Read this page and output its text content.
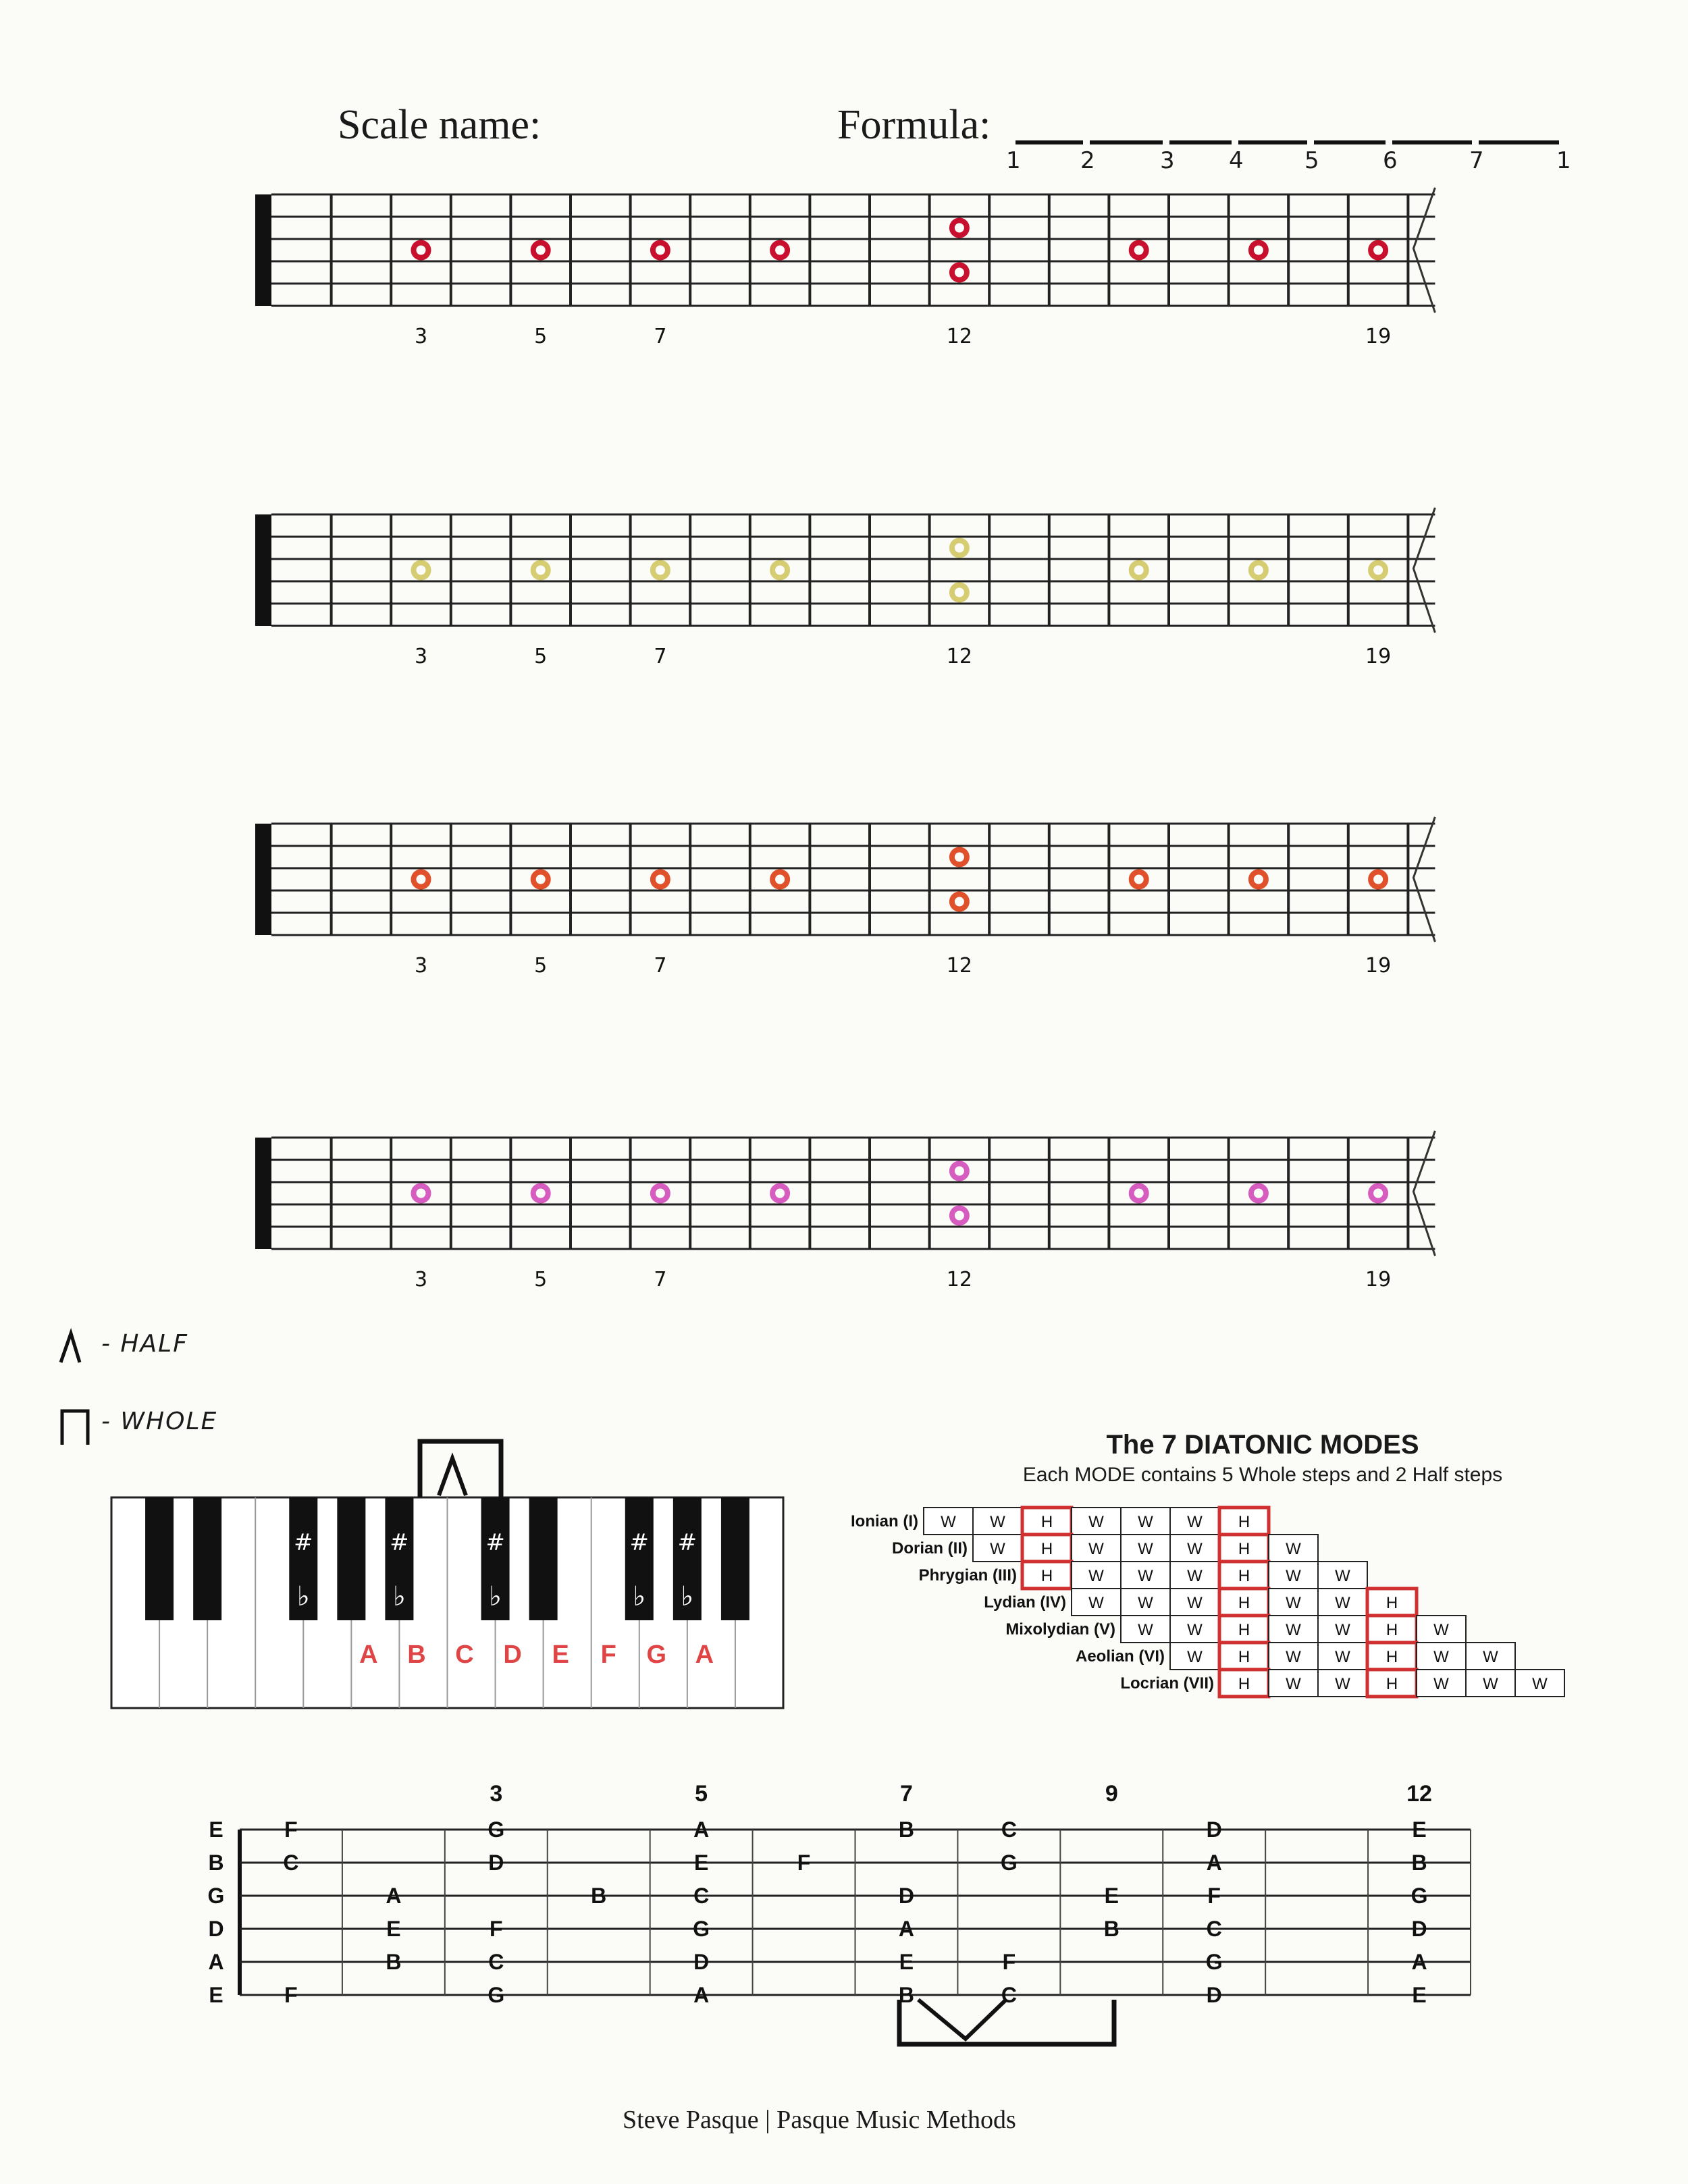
Scale name:	Formula:
1	2	3 4	5	6	7	1
3	5	7	12	19
3	5	7	12	19
3	5	7	12	19
3	5	7	12	19
#
♭
#
♭
#
♭
#
♭
#
♭
A B C D E F G A
Ionian (I) W W H W W W H
Dorian (II) W H W W W H W
Phrygian (III) H W W W H W W
Lydian (IV) W W W H W W H
Mixolydian (V) W W H W W H W
Aeolian (VI) W H W W H W W
Locrian (VII) H W W H W W W
E
B
G
D
A
E
3	5	7	9	12
F	G	A	B	C	D	E
C	D	E	F	G	A	B
A	B	C	D	E	F	G
E	F	G	A	B	C	D
B	C	D	E	F	G	A
F	G	A	B	C	D	E
- HALF
- WHOLE
The 7 DIATONIC MODES
Each MODE contains 5 Whole steps and 2 Half steps
Steve Pasque | Pasque Music Methods
